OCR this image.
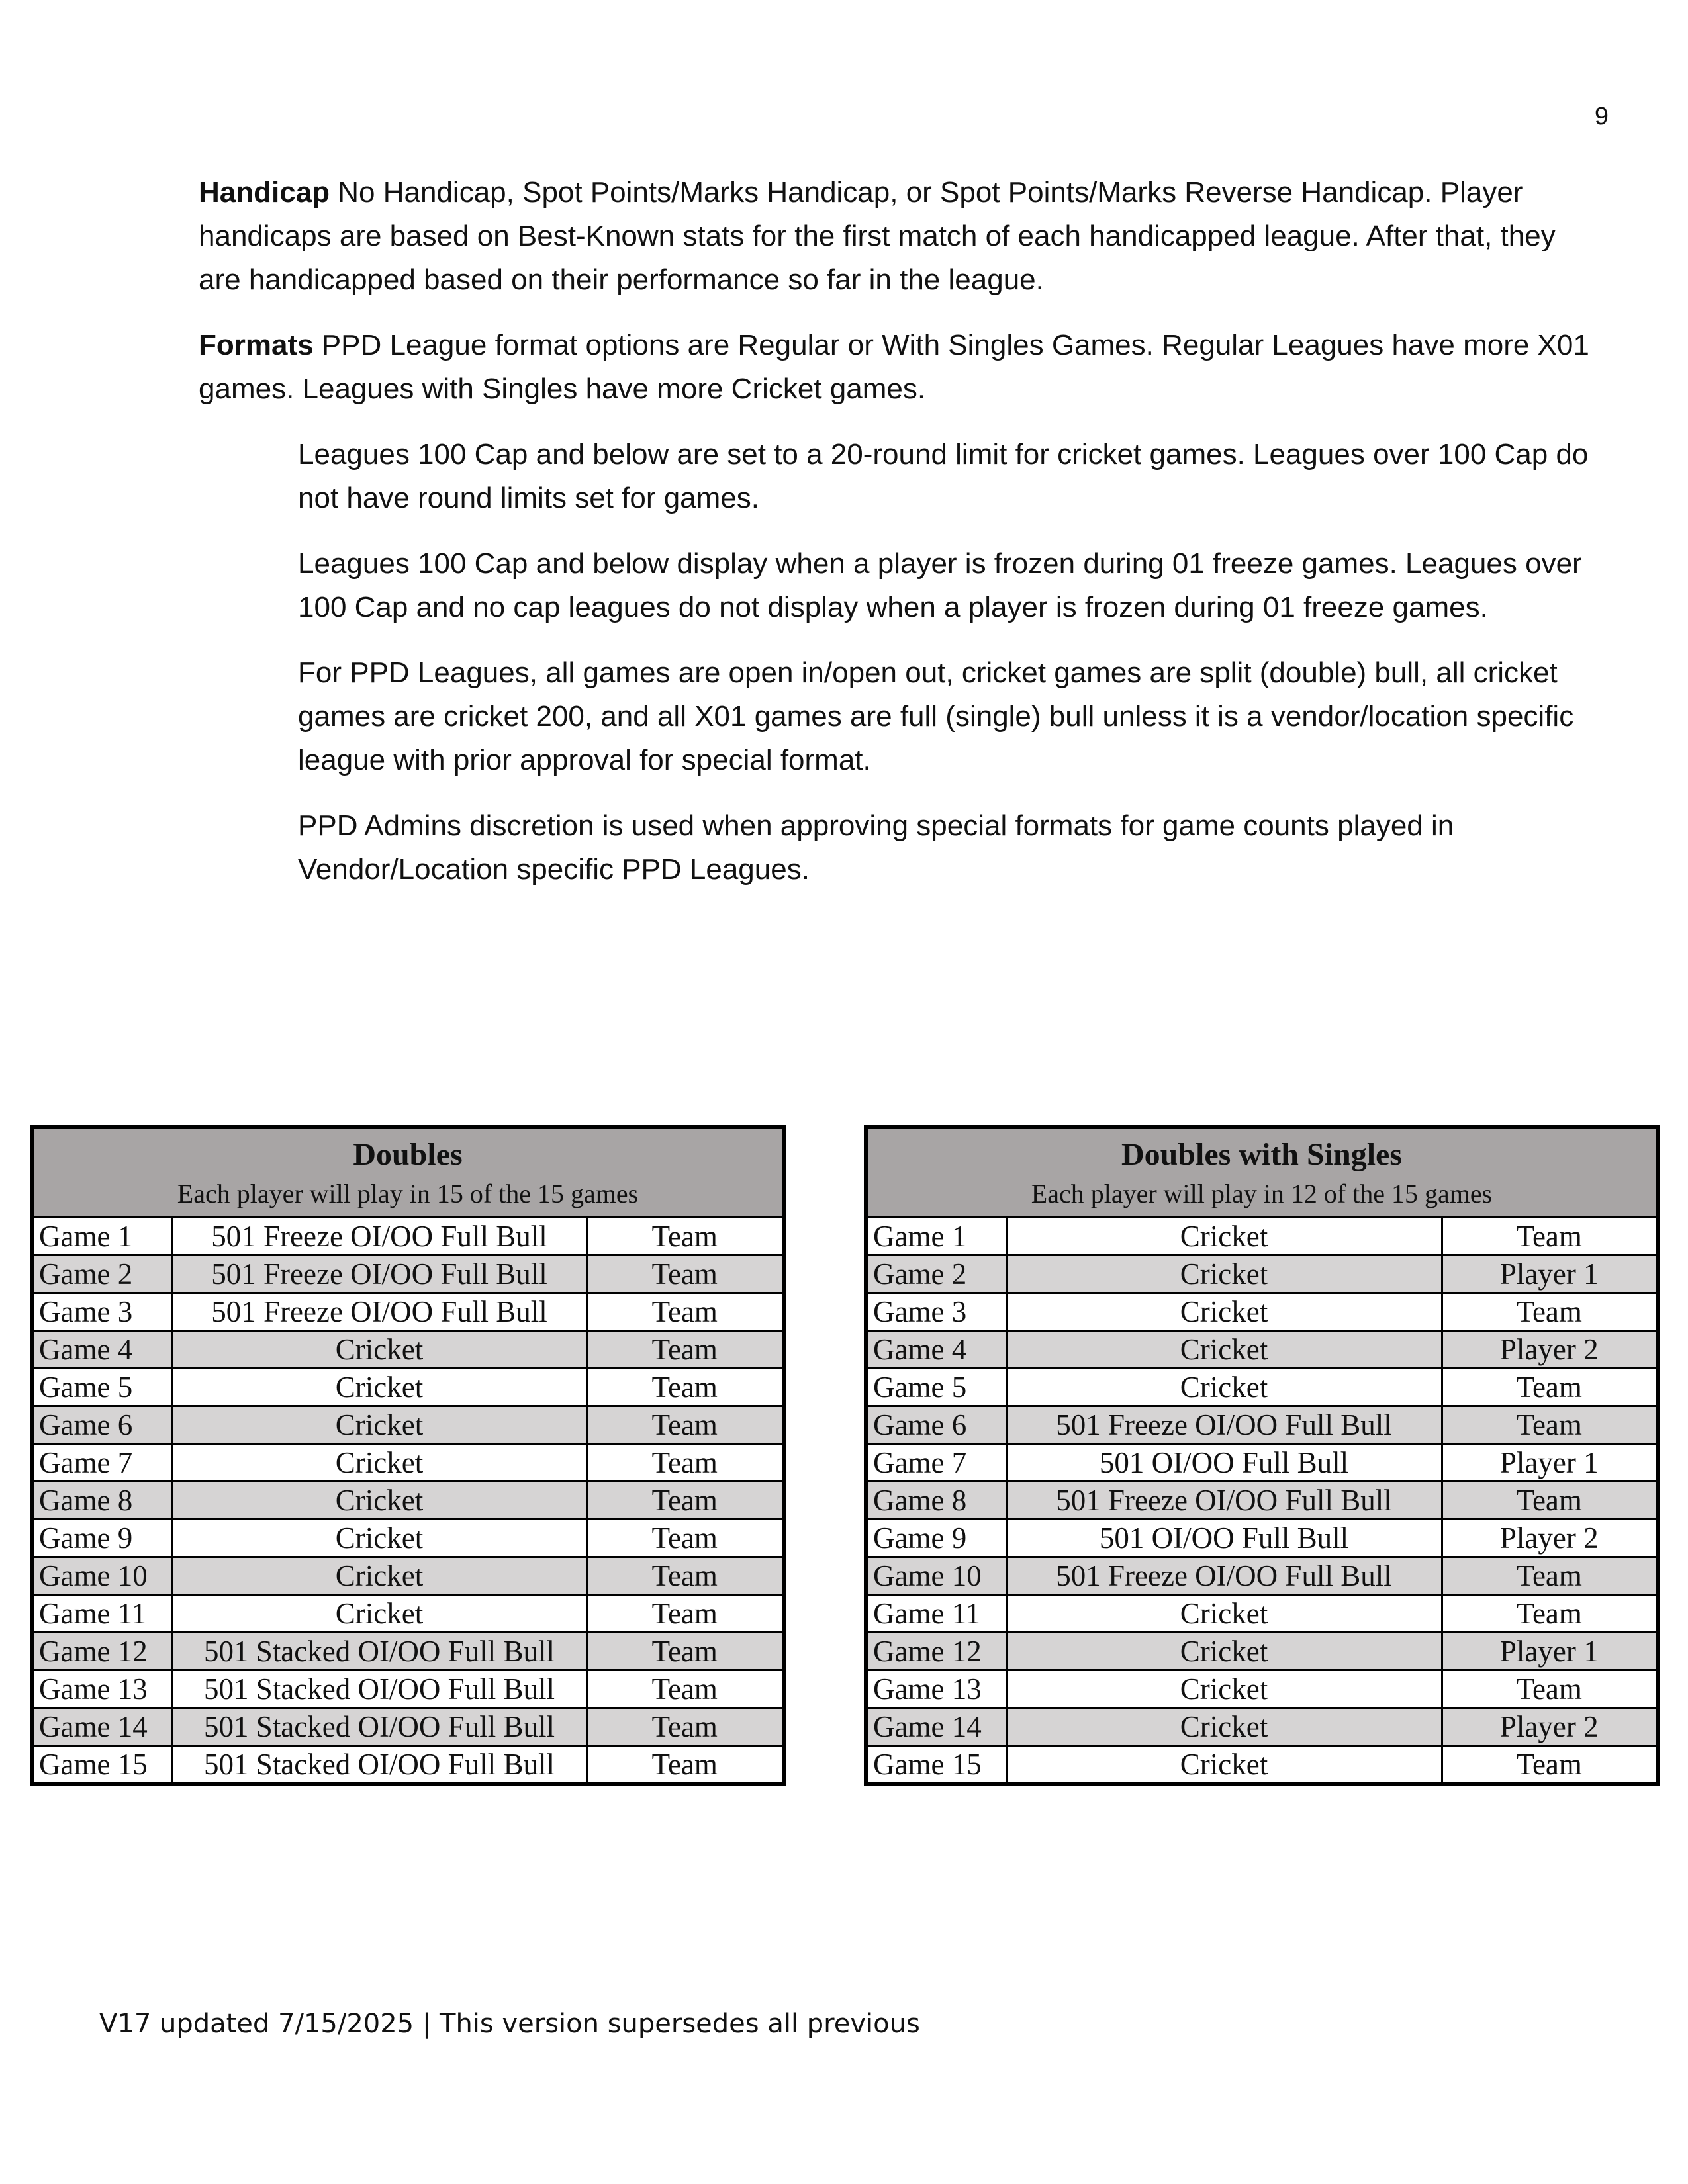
9

Handicap No Handicap, Spot Points/Marks Handicap, or Spot Points/Marks Reverse Handicap. Player handicaps are based on Best-Known stats for the first match of each handicapped league. After that, they are handicapped based on their performance so far in the league.

Formats PPD League format options are Regular or With Singles Games. Regular Leagues have more X01 games. Leagues with Singles have more Cricket games.

Leagues 100 Cap and below are set to a 20-round limit for cricket games. Leagues over 100 Cap do not have round limits set for games.

Leagues 100 Cap and below display when a player is frozen during 01 freeze games. Leagues over 100 Cap and no cap leagues do not display when a player is frozen during 01 freeze games.

For PPD Leagues, all games are open in/open out, cricket games are split (double) bull, all cricket games are cricket 200, and all X01 games are full (single) bull unless it is a vendor/location specific league with prior approval for special format.

PPD Admins discretion is used when approving special formats for game counts played in Vendor/Location specific PPD Leagues.

Doubles
Each player will play in 15 of the 15 games		

Game 1	501 Freeze OI/OO Full Bull	Team
Game 2	501 Freeze OI/OO Full Bull	Team
Game 3	501 Freeze OI/OO Full Bull	Team
Game 4	Cricket	Team
Game 5	Cricket	Team
Game 6	Cricket	Team
Game 7	Cricket	Team
Game 8	Cricket	Team
Game 9	Cricket	Team
Game 10	Cricket	Team
Game 11	Cricket	Team
Game 12	501 Stacked OI/OO Full Bull	Team
Game 13	501 Stacked OI/OO Full Bull	Team
Game 14	501 Stacked OI/OO Full Bull	Team
Game 15	501 Stacked OI/OO Full Bull	Team
Doubles with Singles
Each player will play in 12 of the 15 games		

Game 1	Cricket	Team
Game 2	Cricket	Player 1
Game 3	Cricket	Team
Game 4	Cricket	Player 2
Game 5	Cricket	Team
Game 6	501 Freeze OI/OO Full Bull	Team
Game 7	501 OI/OO Full Bull	Player 1
Game 8	501 Freeze OI/OO Full Bull	Team
Game 9	501 OI/OO Full Bull	Player 2
Game 10	501 Freeze OI/OO Full Bull	Team
Game 11	Cricket	Team
Game 12	Cricket	Player 1
Game 13	Cricket	Team
Game 14	Cricket	Player 2
Game 15	Cricket	Team
V17 updated 7/15/2025 | This version supersedes all previous
